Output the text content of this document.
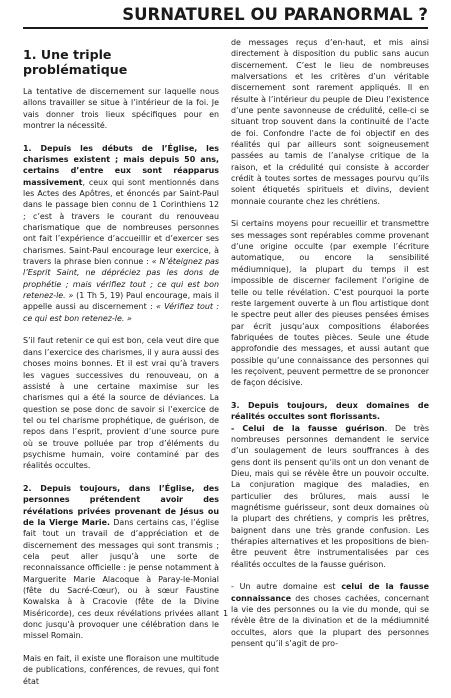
SURNATUREL OU PARANORMAL ?
1. Une triple problématique

La tentative de discernement sur laquelle nous allons travailler se situe à l’intérieur de la foi. Je vais donner trois lieux spécifiques pour en montrer la nécessité.

1. Depuis les débuts de l’Église, les charismes existent ; mais depuis 50 ans, certains d’entre eux sont réapparus massivement, ceux qui sont mentionnés dans les Actes des Apôtres, et énoncés par Saint-Paul dans le passage bien connu de 1 Corinthiens 12 ; c’est à travers le courant du renouveau charismatique que de nombreuses personnes ont fait l’expérience d’accueillir et d’exercer ses charismes. Saint-Paul encourage leur exercice, à travers la phrase bien connue : « N’éteignez pas l’Esprit Saint, ne dépréciez pas les dons de prophétie ; mais vérifiez tout ; ce qui est bon retenez-le. » (1 Th 5, 19) Paul encourage, mais il appelle aussi au discernement : « Vérifiez tout : ce qui est bon retenez-le. »

S’il faut retenir ce qui est bon, cela veut dire que dans l’exercice des charismes, il y aura aussi des choses moins bonnes. Et il est vrai qu’à travers les vagues successives du renouveau, on a assisté à une certaine maximise sur les charismes qui a été la source de déviances. La question se pose donc de savoir si l’exercice de tel ou tel charisme prophétique, de guérison, de repos dans l’esprit, provient d’une source pure où se trouve polluée par trop d’éléments du psychisme humain, voire contaminé par des réalités occultes.

2. Depuis toujours, dans l’Église, des personnes prétendent avoir des révélations privées provenant de Jésus ou de la Vierge Marie. Dans certains cas, l’église fait tout un travail de d’appréciation et de discernement des messages qui sont transmis ; cela peut aller jusqu’à une sorte de reconnaissance officielle : je pense notamment à Marguerite Marie Alacoque à Paray-le-Monial (fête du Sacré-Cœur), ou à sœur Faustine Kowalska à à Cracovie (fête de la Divine Miséricorde), ces deux révélations privées allant donc jusqu’à provoquer une célébration dans le missel Romain.

Mais en fait, il existe une floraison une multitude de publications, conférences, de revues, qui font état

de messages reçus d’en-haut, et mis ainsi directement à disposition du public sans aucun discernement. C’est le lieu de nombreuses malversations et les critères d’un véritable discernement sont rarement appliqués. Il en résulte à l’intérieur du peuple de Dieu l’existence d’une pente savonneuse de crédulité, celle-ci se situant trop souvent dans la continuité de l’acte de foi. Confondre l’acte de foi objectif en des réalités qui par ailleurs sont soigneusement passées au tamis de l’analyse critique de la raison, et la crédulité qui consiste à accorder crédit à toutes sortes de messages pourvu qu’ils soient étiquetés spirituels et divins, devient monnaie courante chez les chrétiens.

Si certains moyens pour recueillir et transmettre ses messages sont repérables comme provenant d’une origine occulte (par exemple l’écriture automatique, ou encore la sensibilité médiumnique), la plupart du temps il est impossible de discerner facilement l’origine de telle ou telle révélation. C’est pourquoi la porte reste largement ouverte à un flou artistique dont le spectre peut aller des pieuses pensées émises par écrit jusqu’aux compositions élaborées fabriquées de toutes pièces. Seule une étude approfondie des messages, et aussi autant que possible qu’une connaissance des personnes qui les reçoivent, peuvent permettre de se prononcer de façon décisive.

3. Depuis toujours, deux domaines de réalités occultes sont florissants.

- Celui de la fausse guérison. De très nombreuses personnes demandent le service d’un soulagement de leurs souffrances à des gens dont ils pensent qu’ils ont un don venant de Dieu, mais qui se révèle être un pouvoir occulte. La conjuration magique des maladies, en particulier des brûlures, mais aussi le magnétisme guérisseur, sont deux domaines où la plupart des chrétiens, y compris les prêtres, baignent dans une très grande confusion. Les thérapies alternatives et les propositions de bien-être peuvent être instrumentalisées par ces réalités occultes de la fausse guérison.

- Un autre domaine est celui de la fausse connaissance des choses cachées, concernant la vie des personnes ou la vie du monde, qui se révèle être de la divination et de la médiumnité occultes, alors que la plupart des personnes pensent qu’il s’agit de pro-

1
